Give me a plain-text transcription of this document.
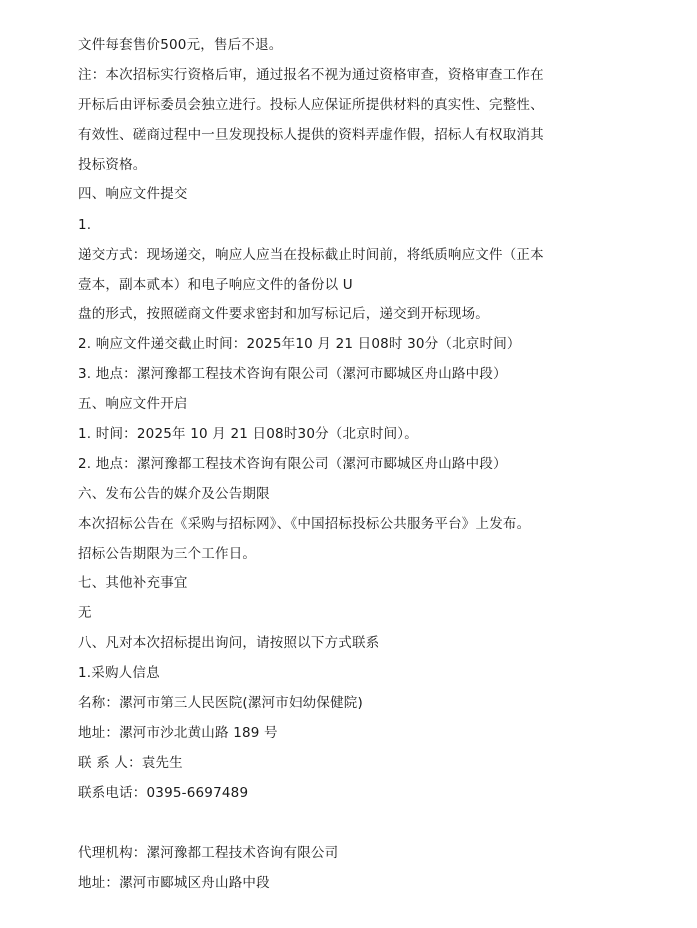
文件每套售价500元，售后不退。
注：本次招标实行资格后审，通过报名不视为通过资格审查，资格审查工作在
开标后由评标委员会独立进行。投标人应保证所提供材料的真实性、完整性、
有效性、磋商过程中一旦发现投标人提供的资料弄虚作假，招标人有权取消其
投标资格。
四、响应文件提交
1.
递交方式：现场递交，响应人应当在投标截止时间前，将纸质响应文件（正本
壹本，副本贰本）和电子响应文件的备份以 U
盘的形式，按照磋商文件要求密封和加写标记后，递交到开标现场。
2. 响应文件递交截止时间：2025年10 月 21 日08时 30分（北京时间）
3. 地点：漯河豫都工程技术咨询有限公司（漯河市郾城区舟山路中段）
五、响应文件开启
1. 时间：2025年 10 月 21 日08时30分（北京时间）。
2. 地点：漯河豫都工程技术咨询有限公司（漯河市郾城区舟山路中段）
六、发布公告的媒介及公告期限
本次招标公告在《采购与招标网》、《中国招标投标公共服务平台》上发布。
招标公告期限为三个工作日。
七、其他补充事宜
无
八、凡对本次招标提出询问，请按照以下方式联系
1.采购人信息
名称：漯河市第三人民医院(漯河市妇幼保健院)
地址：漯河市沙北黄山路 189 号
联 系 人：袁先生
联系电话：0395-6697489
代理机构：漯河豫都工程技术咨询有限公司
地址：漯河市郾城区舟山路中段
